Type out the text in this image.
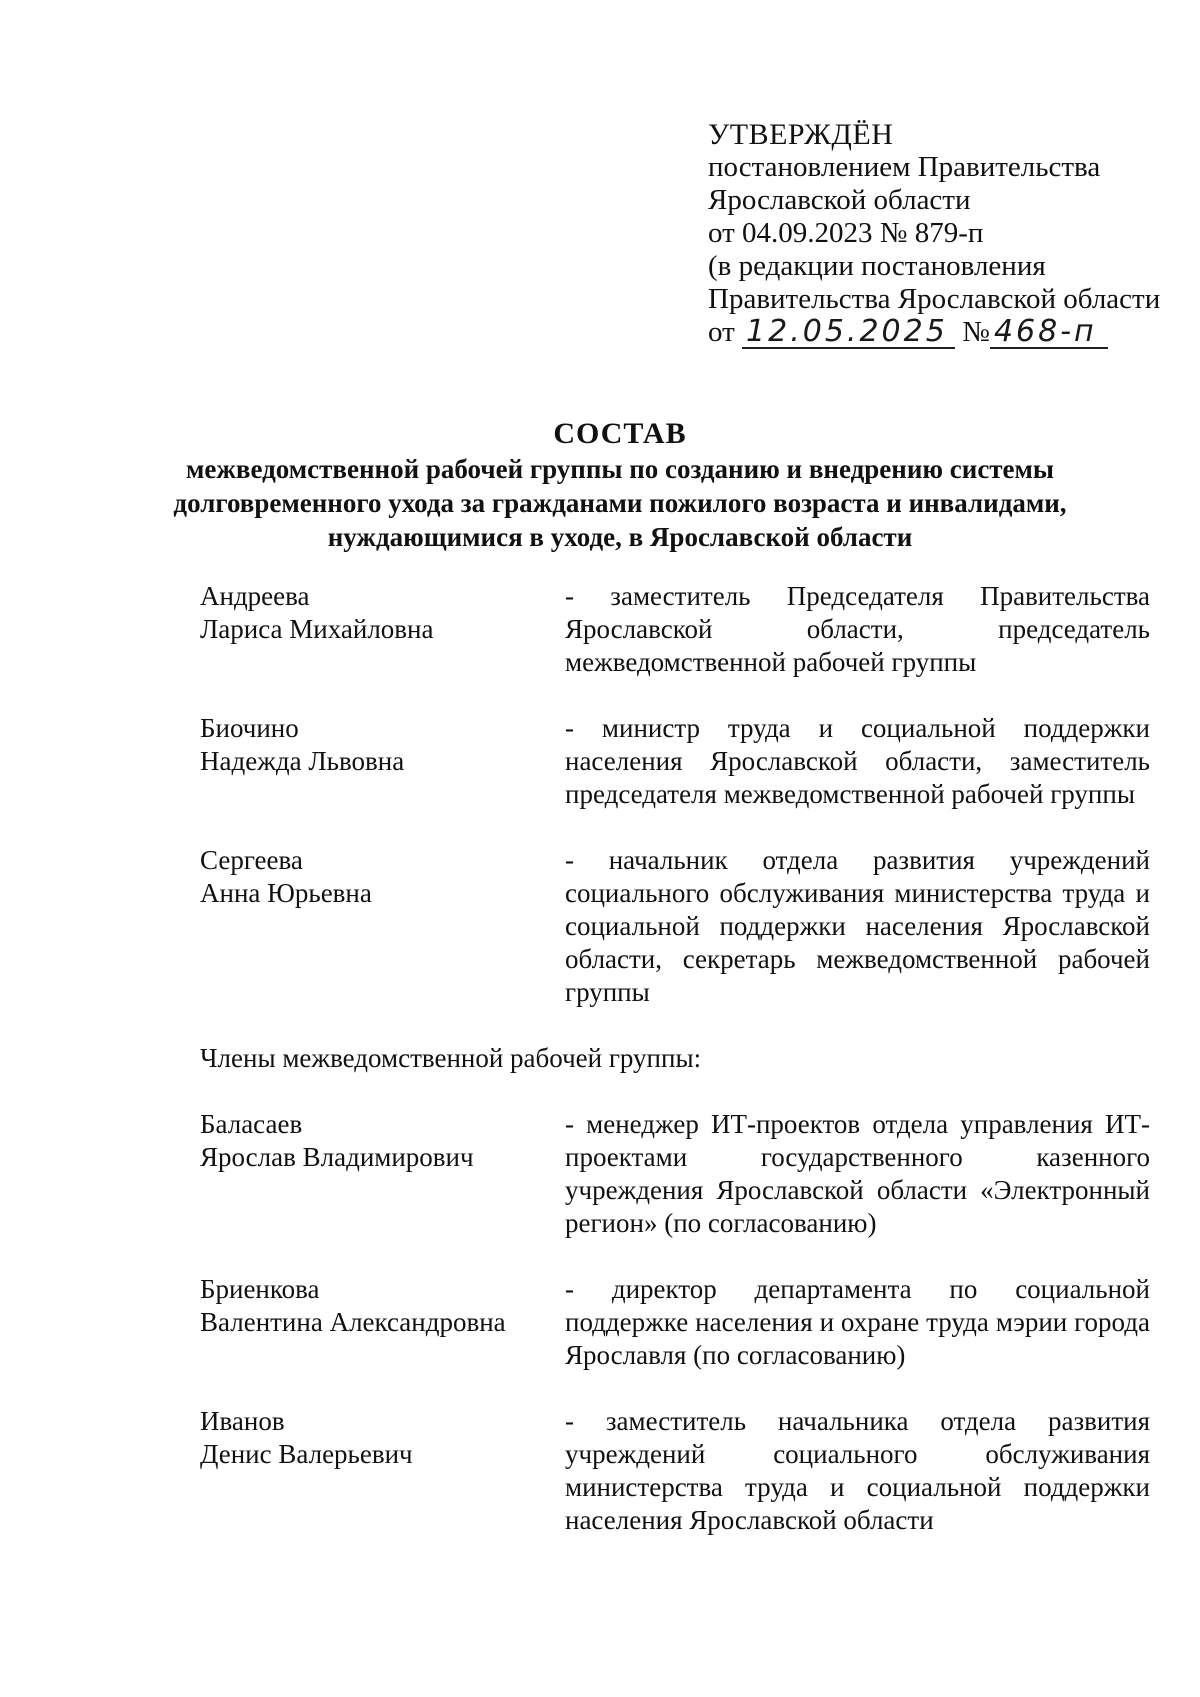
УТВЕРЖДЁН
постановлением Правительства
Ярославской области
от 04.09.2023 № 879-п
(в редакции постановления
Правительства Ярославской области
от 12.05.2025 № 468-п
СОСТАВ
межведомственной рабочей группы по созданию и внедрению системы
долговременного ухода за гражданами пожилого возраста и инвалидами,
нуждающимися в уходе, в Ярославской области
Андреева
Лариса Михайловна
- заместитель Председателя Правительства Ярославской области, председатель межведомственной рабочей группы
Биочино
Надежда Львовна
- министр труда и социальной поддержки населения Ярославской области, заместитель председателя межведомственной рабочей группы
Сергеева
Анна Юрьевна
- начальник отдела развития учреждений социального обслуживания министерства труда и социальной поддержки населения Ярославской области, секретарь межведомственной рабочей группы
Члены межведомственной рабочей группы:
Баласаев
Ярослав Владимирович
- менеджер ИТ-проектов отдела управления ИТ-проектами государственного казенного учреждения Ярославской области «Электронный регион» (по согласованию)
Бриенкова
Валентина Александровна
- директор департамента по социальной поддержке населения и охране труда мэрии города Ярославля (по согласованию)
Иванов
Денис Валерьевич
- заместитель начальника отдела развития учреждений социального обслуживания министерства труда и социальной поддержки населения Ярославской области
